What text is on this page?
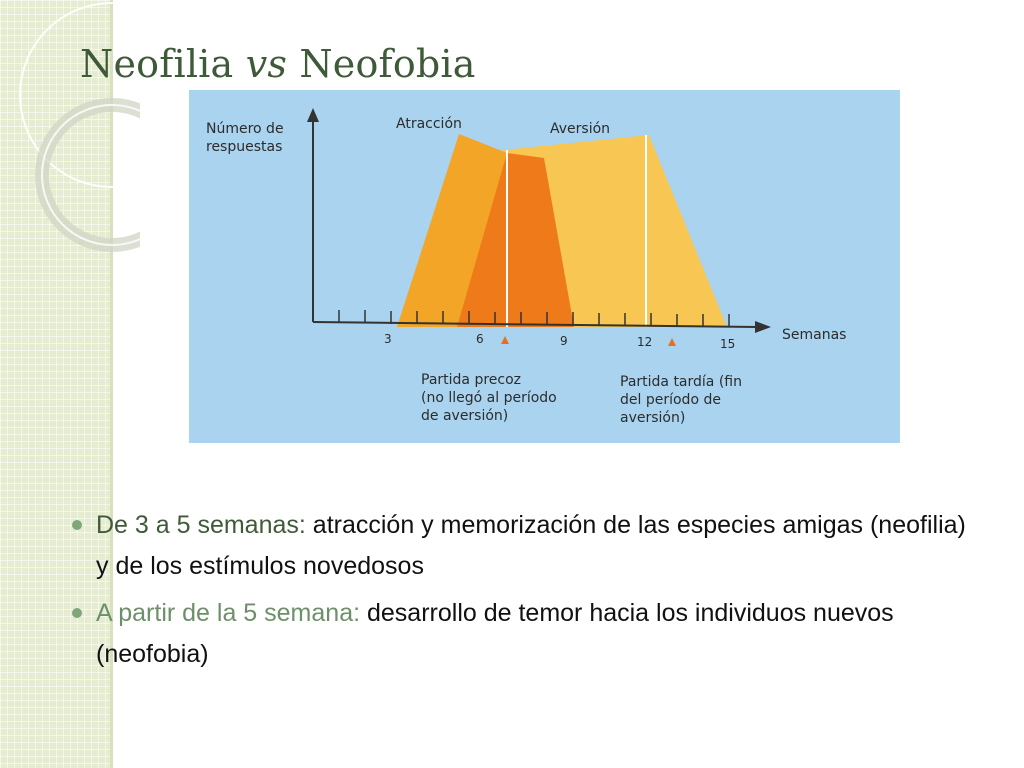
Neofilia vs Neofobia
Número de
respuestas
Atracción	Aversión
Semanas
3	6	9	12	15
Partida precoz
(no llegó al período
de aversión)
Partida tardía (fin
del período de
aversión)
De 3 a 5 semanas: atracción y memorización de las especies amigas (neofilia) y de los estímulos novedosos
A partir de la 5 semana: desarrollo de temor hacia los individuos nuevos (neofobia)
